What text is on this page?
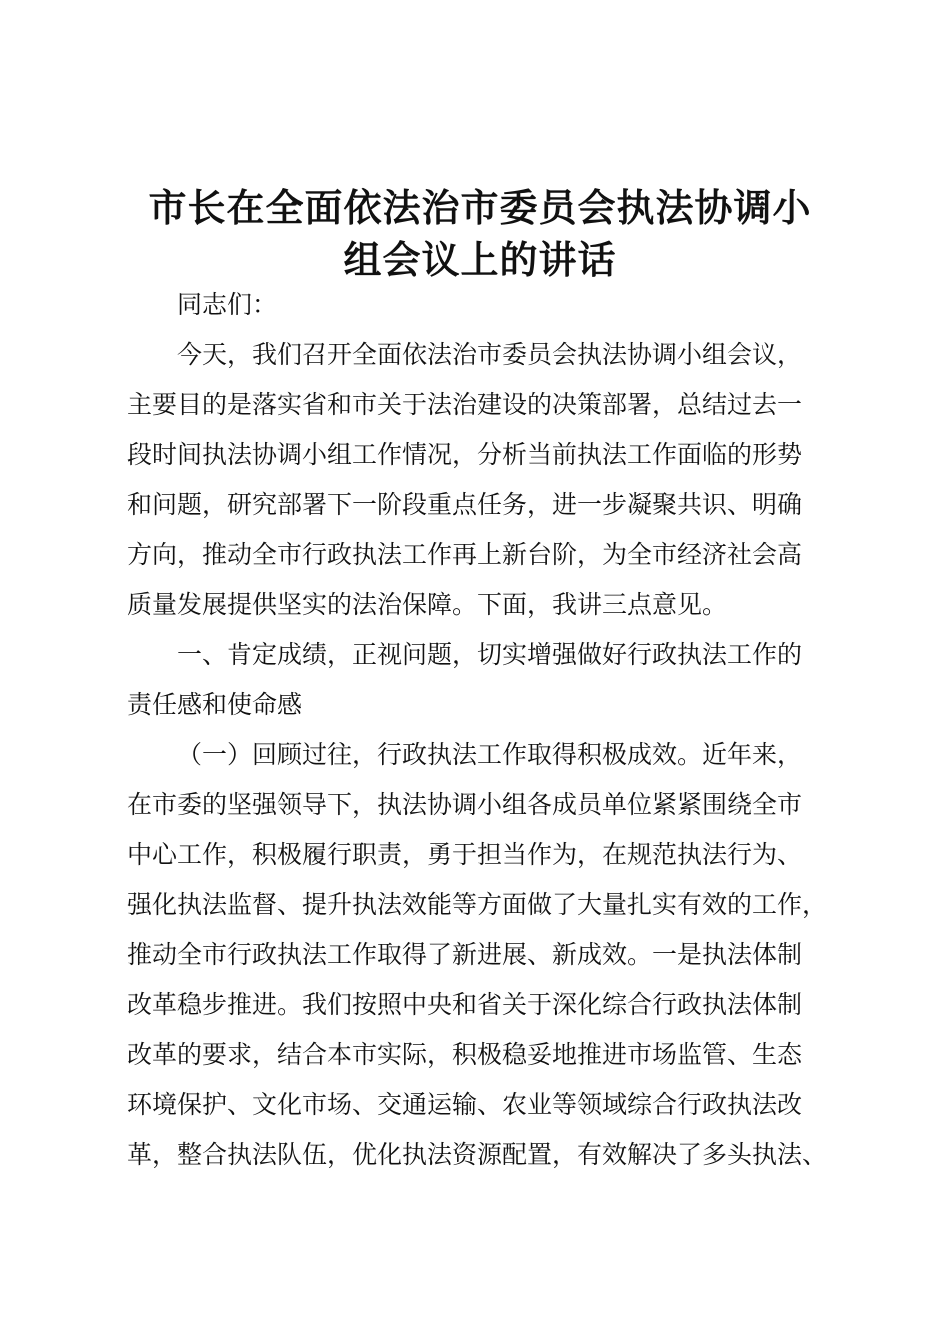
市长在全面依法治市委员会执法协调小
组会议上的讲话
同志们：
今天，我们召开全面依法治市委员会执法协调小组会议，
主要目的是落实省和市关于法治建设的决策部署，总结过去一
段时间执法协调小组工作情况，分析当前执法工作面临的形势
和问题，研究部署下一阶段重点任务，进一步凝聚共识、明确
方向，推动全市行政执法工作再上新台阶，为全市经济社会高
质量发展提供坚实的法治保障。下面，我讲三点意见。
一、肯定成绩，正视问题，切实增强做好行政执法工作的
责任感和使命感
（一）回顾过往，行政执法工作取得积极成效。近年来，
在市委的坚强领导下，执法协调小组各成员单位紧紧围绕全市
中心工作，积极履行职责，勇于担当作为，在规范执法行为、
强化执法监督、提升执法效能等方面做了大量扎实有效的工作，
推动全市行政执法工作取得了新进展、新成效。一是执法体制
改革稳步推进。我们按照中央和省关于深化综合行政执法体制
改革的要求，结合本市实际，积极稳妥地推进市场监管、生态
环境保护、文化市场、交通运输、农业等领域综合行政执法改
革，整合执法队伍，优化执法资源配置，有效解决了多头执法、
